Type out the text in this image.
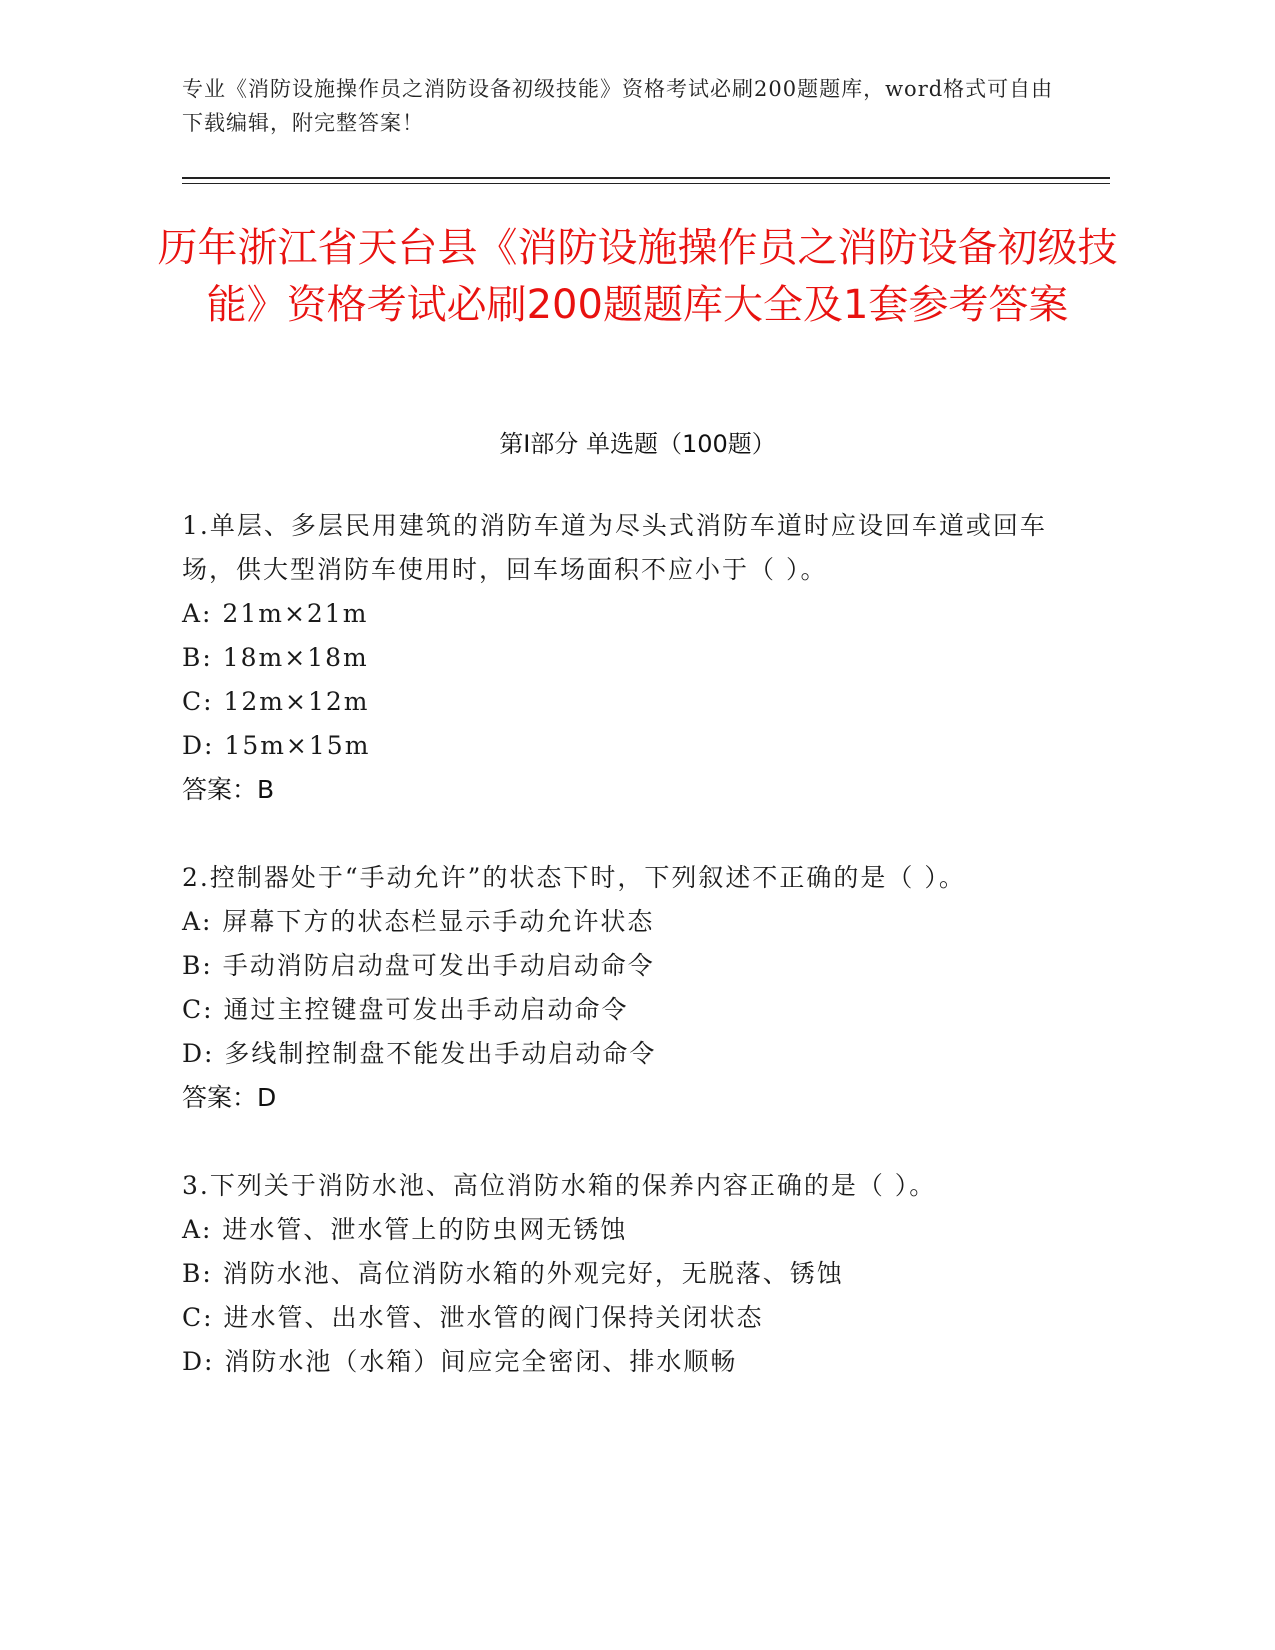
专业《消防设施操作员之消防设备初级技能》资格考试必刷200题题库，word格式可自由下载编辑，附完整答案！
历年浙江省天台县《消防设施操作员之消防设备初级技能》资格考试必刷200题题库大全及1套参考答案
第Ⅰ部分 单选题（100题）
1.单层、多层民用建筑的消防车道为尽头式消防车道时应设回车道或回车场，供大型消防车使用时，回车场面积不应小于（ ）。
A: 21m×21m
B: 18m×18m
C: 12m×12m
D: 15m×15m
答案：B
2.控制器处于“手动允许”的状态下时，下列叙述不正确的是（ ）。
A: 屏幕下方的状态栏显示手动允许状态
B: 手动消防启动盘可发出手动启动命令
C: 通过主控键盘可发出手动启动命令
D: 多线制控制盘不能发出手动启动命令
答案：D
3.下列关于消防水池、高位消防水箱的保养内容正确的是（ ）。
A: 进水管、泄水管上的防虫网无锈蚀
B: 消防水池、高位消防水箱的外观完好，无脱落、锈蚀
C: 进水管、出水管、泄水管的阀门保持关闭状态
D: 消防水池（水箱）间应完全密闭、排水顺畅
